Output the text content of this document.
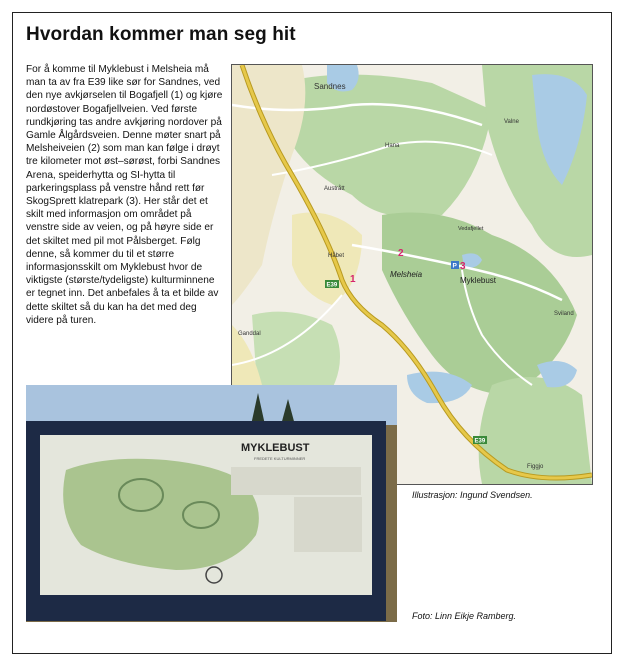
Hvordan kommer man seg hit

For å komme til Myklebust i Melsheia må man ta av fra E39 like sør for Sandnes, ved den nye avkjørselen til Bogafjell (1) og kjøre nordøstover Bogafjellveien. Ved første rundkjøring tas andre avkjøring nordover på Gamle Ålgårdsveien. Denne møter snart på Melsheiveien (2) som man kan følge i drøyt tre kilometer mot øst–sørøst, forbi Sandnes Arena, speiderhytta og SI-hytta til parkeringsplass på venstre hånd rett før SkogSprett klatrepark (3). Her står det et skilt med informasjon om området på venstre side av veien, og på høyre side er det skiltet med pil mot Pålsberget. Følg denne, så kommer du til et større informasjonsskilt om Myklebust hvor de viktigste (største/tydeligste) kulturminnene er tegnet inn. Det anbefales å ta et bilde av dette skiltet så du kan ha det med deg videre på turen.

Sandnes
Hana
Valne
Austrått
Håbet
Ganddal
Melsheia
Myklebust
Vedafjellet
Sviland
Figgjo
E39
E39
P
1
2
3

Illustrasjon: Ingund Svendsen.

MYKLEBUST
FREDETE KULTURMINNER

Foto: Linn Eikje Ramberg.
